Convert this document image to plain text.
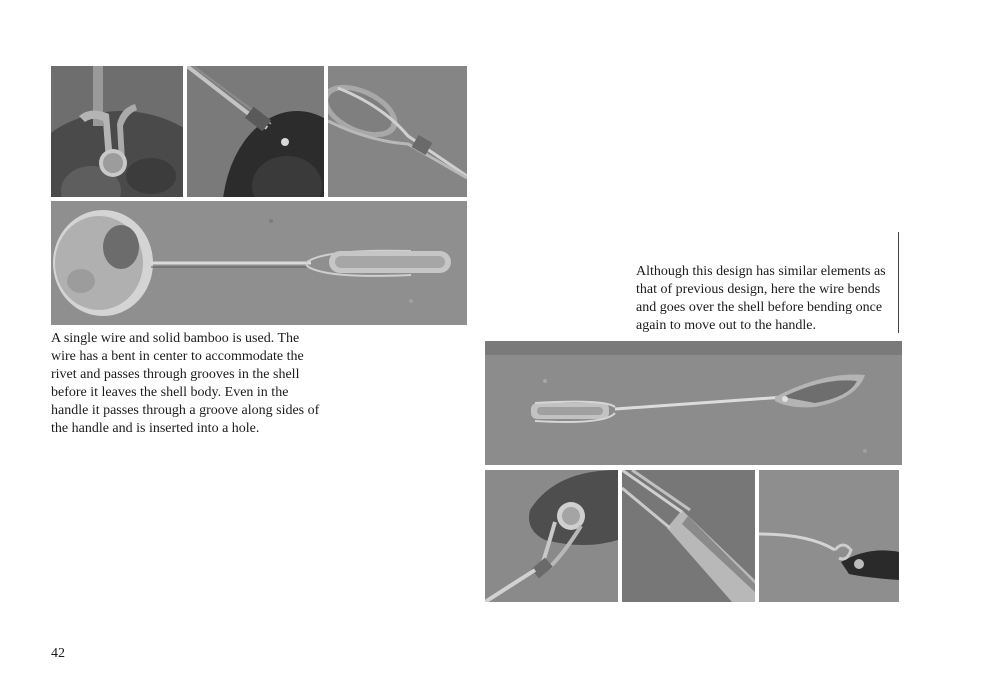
A single wire and solid bamboo is used. The wire has a bent in center to accommodate the rivet and passes through grooves in the shell before it leaves the shell body. Even in the handle it passes through a groove along sides of the handle and is inserted into a hole.
Although this design has similar elements as that of previous design, here the wire bends and goes over the shell before bending once again to move out to the handle.
42
